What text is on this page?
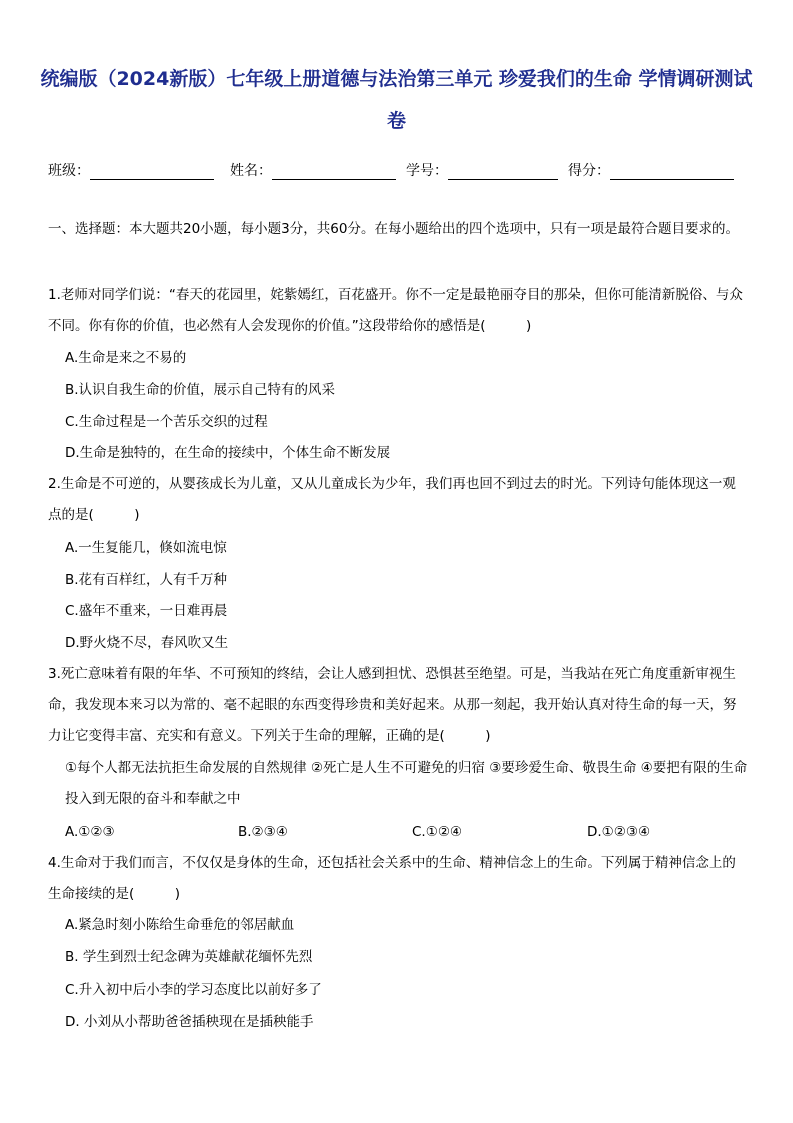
统编版（2024新版）七年级上册道德与法治第三单元 珍爱我们的生命 学情调研测试卷
班级：	姓名：	学号：	得分：
一、选择题：本大题共20小题，每小题3分，共60分。在每小题给出的四个选项中，只有一项是最符合题目要求的。
1.老师对同学们说：“春天的花园里，姹紫嫣红，百花盛开。你不一定是最艳丽夺目的那朵，但你可能清新脱俗、与众不同。你有你的价值，也必然有人会发现你的价值。”这段带给你的感悟是(　　　)
A.生命是来之不易的
B.认识自我生命的价值，展示自己特有的风采
C.生命过程是一个苦乐交织的过程
D.生命是独特的，在生命的接续中，个体生命不断发展
2.生命是不可逆的，从婴孩成长为儿童，又从儿童成长为少年，我们再也回不到过去的时光。下列诗句能体现这一观点的是(　　　)
A.一生复能几，倏如流电惊
B.花有百样红，人有千万种
C.盛年不重来，一日难再晨
D.野火烧不尽，春风吹又生
3.死亡意味着有限的年华、不可预知的终结，会让人感到担忧、恐惧甚至绝望。可是，当我站在死亡角度重新审视生命，我发现本来习以为常的、毫不起眼的东西变得珍贵和美好起来。从那一刻起，我开始认真对待生命的每一天，努力让它变得丰富、充实和有意义。下列关于生命的理解，正确的是(　　　)
①每个人都无法抗拒生命发展的自然规律 ②死亡是人生不可避免的归宿 ③要珍爱生命、敬畏生命 ④要把有限的生命投入到无限的奋斗和奉献之中
A.①②③	B.②③④	C.①②④	D.①②③④
4.生命对于我们而言，不仅仅是身体的生命，还包括社会关系中的生命、精神信念上的生命。下列属于精神信念上的生命接续的是(　　　)
A.紧急时刻小陈给生命垂危的邻居献血
B. 学生到烈士纪念碑为英雄献花缅怀先烈
C.升入初中后小李的学习态度比以前好多了
D. 小刘从小帮助爸爸插秧现在是插秧能手
